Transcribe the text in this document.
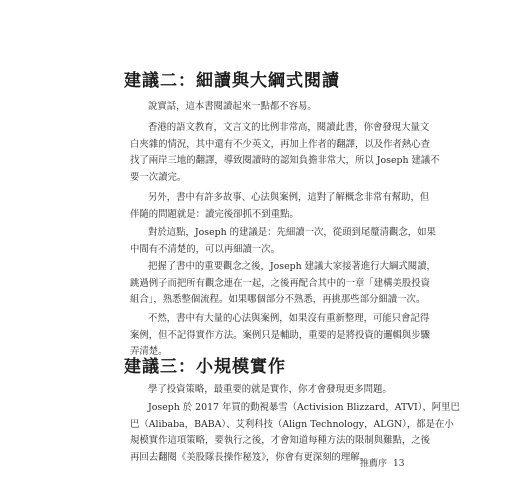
建議二：細讀與大綱式閱讀
說實話，這本書閱讀起來一點都不容易。
香港的語文教育，文言文的比例非常高，閱讀此書，你會發現大量文
白夾雜的情況，其中還有不少英文，再加上作者的翻譯，以及作者熱心查
找了兩岸三地的翻譯，導致閱讀時的認知負擔非常大，所以 Joseph 建議不
要一次讀完。
另外，書中有許多故事、心法與案例，這對了解概念非常有幫助，但
伴隨的問題就是：讀完後卻抓不到重點。
對於這點，Joseph 的建議是：先細讀一次，從頭到尾釐清觀念，如果
中間有不清楚的，可以再細讀一次。
把握了書中的重要觀念之後，Joseph 建議大家接著進行大綱式閱讀，
跳過例子而把所有觀念連在一起，之後再配合其中的一章「建構美股投資
組合」，熟悉整個流程。如果哪個部分不熟悉，再挑那些部分細讀一次。
不然，書中有大量的心法與案例，如果沒有重新整理，可能只會記得
案例，但不記得實作方法。案例只是輔助，重要的是將投資的邏輯與步驟
弄清楚。
建議三：小規模實作
學了投資策略，最重要的就是實作，你才會發現更多問題。
Joseph 於 2017 年買的動視暴雪（Activision Blizzard，ATVI）、阿里巴
巴（Alibaba，BABA）、艾利科技（Align Technology，ALGN），都是在小
規模實作這項策略，要執行之後，才會知道每種方法的限制與難點，之後
再回去翻閱《美股隊長操作秘笈》，你會有更深刻的理解。
推薦序 13
